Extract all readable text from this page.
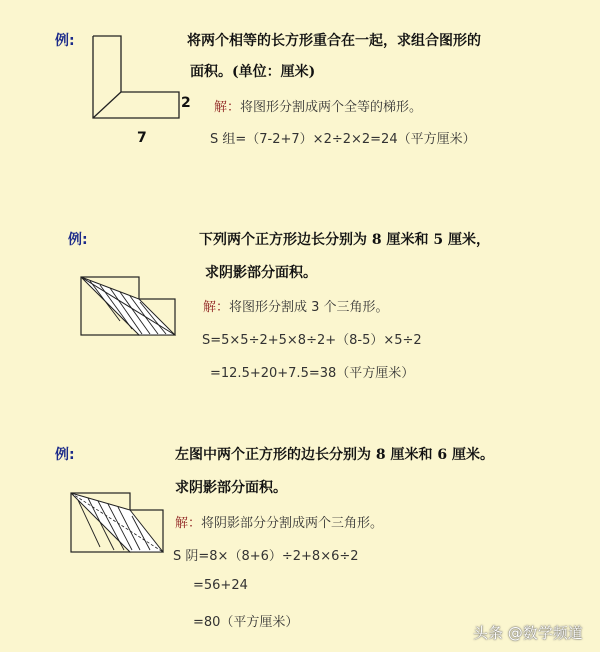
例:
2
7
将两个相等的长方形重合在一起，求组合图形的
面积。(单位：厘米)
解：将图形分割成两个全等的梯形。
S 组=（7-2+7）×2÷2×2=24（平方厘米）
例:	下列两个正方形边长分别为 8 厘米和 5 厘米，
求阴影部分面积。
解：将图形分割成 3 个三角形。
S=5×5÷2+5×8÷2+（8-5）×5÷2
=12.5+20+7.5=38（平方厘米）
例:	左图中两个正方形的边长分别为 8 厘米和 6 厘米。
求阴影部分面积。
解：将阴影部分分割成两个三角形。
S 阴=8×（8+6）÷2+8×6÷2
=56+24
=80（平方厘米）
头条 @数学频道
